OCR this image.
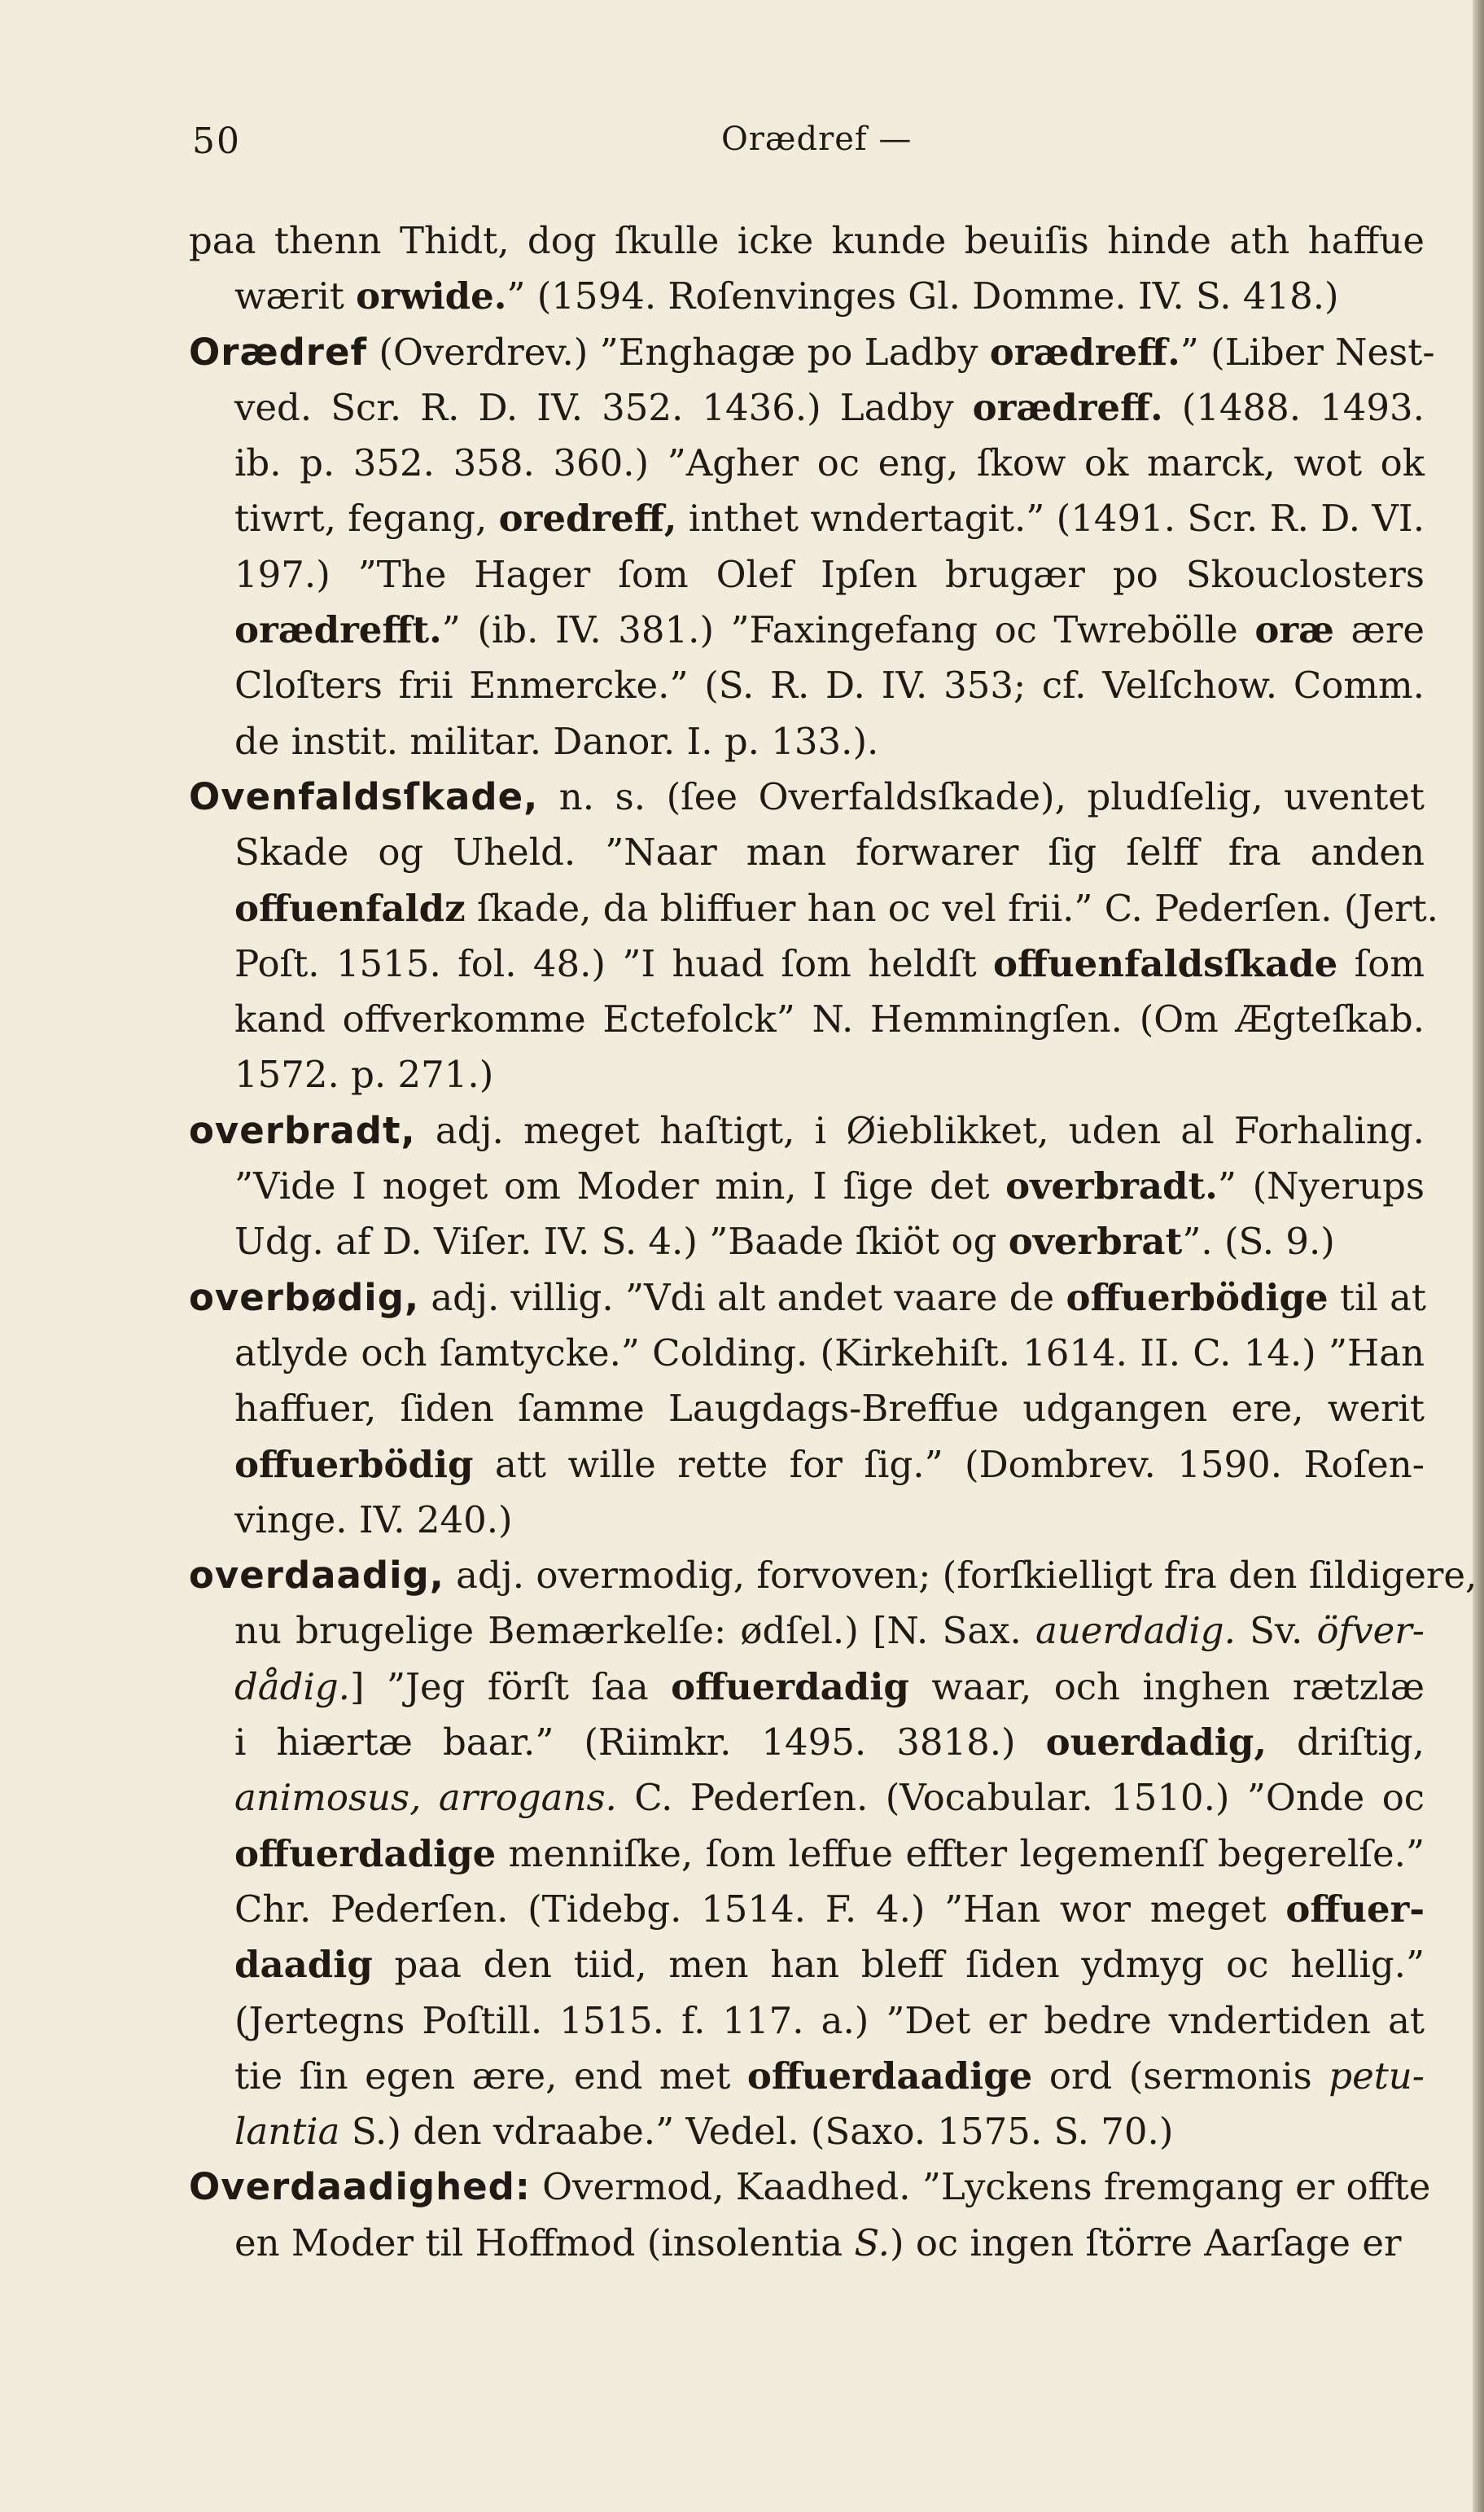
50	Orædref —
paa thenn Thidt, dog ſkulle icke kunde beuiſis hinde ath haffue
wærit orwide.” (1594. Roſenvinges Gl. Domme. IV. S. 418.)
Orædref (Overdrev.) ”Enghagæ po Ladby orædreff.” (Liber Nest-
ved. Scr. R. D. IV. 352. 1436.) Ladby orædreff. (1488. 1493.
ib. p. 352. 358. 360.) ”Agher oc eng, ſkow ok marck, wot ok
tiwrt, fegang, oredreff, inthet wndertagit.” (1491. Scr. R. D. VI.
197.) ”The Hager ſom Olef Ipſen brugær po Skouclosters
orædrefft.” (ib. IV. 381.) ”Faxingefang oc Twrebölle oræ ære
Cloſters frii Enmercke.” (S. R. D. IV. 353; cf. Velſchow. Comm.
de instit. militar. Danor. I. p. 133.).
Ovenfaldsſkade, n. s. (ſee Overfaldsſkade), pludſelig, uventet
Skade og Uheld. ”Naar man forwarer ſig ſelff fra anden
offuenfaldz ſkade, da bliffuer han oc vel frii.” C. Pederſen. (Jert.
Poſt. 1515. fol. 48.) ”I huad ſom heldſt offuenfaldsſkade ſom
kand offverkomme Ectefolck” N. Hemmingſen. (Om Ægteſkab.
1572. p. 271.)
overbradt, adj. meget haſtigt, i Øieblikket, uden al Forhaling.
”Vide I noget om Moder min, I ſige det overbradt.” (Nyerups
Udg. af D. Viſer. IV. S. 4.) ”Baade ſkiöt og overbrat”. (S. 9.)
overbødig, adj. villig. ”Vdi alt andet vaare de offuerbödige til at
atlyde och ſamtycke.” Colding. (Kirkehiſt. 1614. II. C. 14.) ”Han
haffuer, ſiden ſamme Laugdags-Breffue udgangen ere, werit
offuerbödig att wille rette for ſig.” (Dombrev. 1590. Roſen-
vinge. IV. 240.)
overdaadig, adj. overmodig, forvoven; (forſkielligt fra den ſildigere,
nu brugelige Bemærkelſe: ødſel.) [N. Sax. auerdadig. Sv. öfver-
dådig.] ”Jeg förſt ſaa offuerdadig waar, och inghen rætzlæ
i hiærtæ baar.” (Riimkr. 1495. 3818.) ouerdadig, driſtig,
animosus, arrogans. C. Pederſen. (Vocabular. 1510.) ”Onde oc
offuerdadige menniſke, ſom leffue effter legemenſſ begerelſe.”
Chr. Pederſen. (Tidebg. 1514. F. 4.) ”Han wor meget offuer-
daadig paa den tiid, men han bleff ſiden ydmyg oc hellig.”
(Jertegns Poſtill. 1515. f. 117. a.) ”Det er bedre vndertiden at
tie ſin egen ære, end met offuerdaadige ord (sermonis petu-
lantia S.) den vdraabe.” Vedel. (Saxo. 1575. S. 70.)
Overdaadighed: Overmod, Kaadhed. ”Lyckens fremgang er offte
en Moder til Hoffmod (insolentia S.) oc ingen ſtörre Aarſage er
